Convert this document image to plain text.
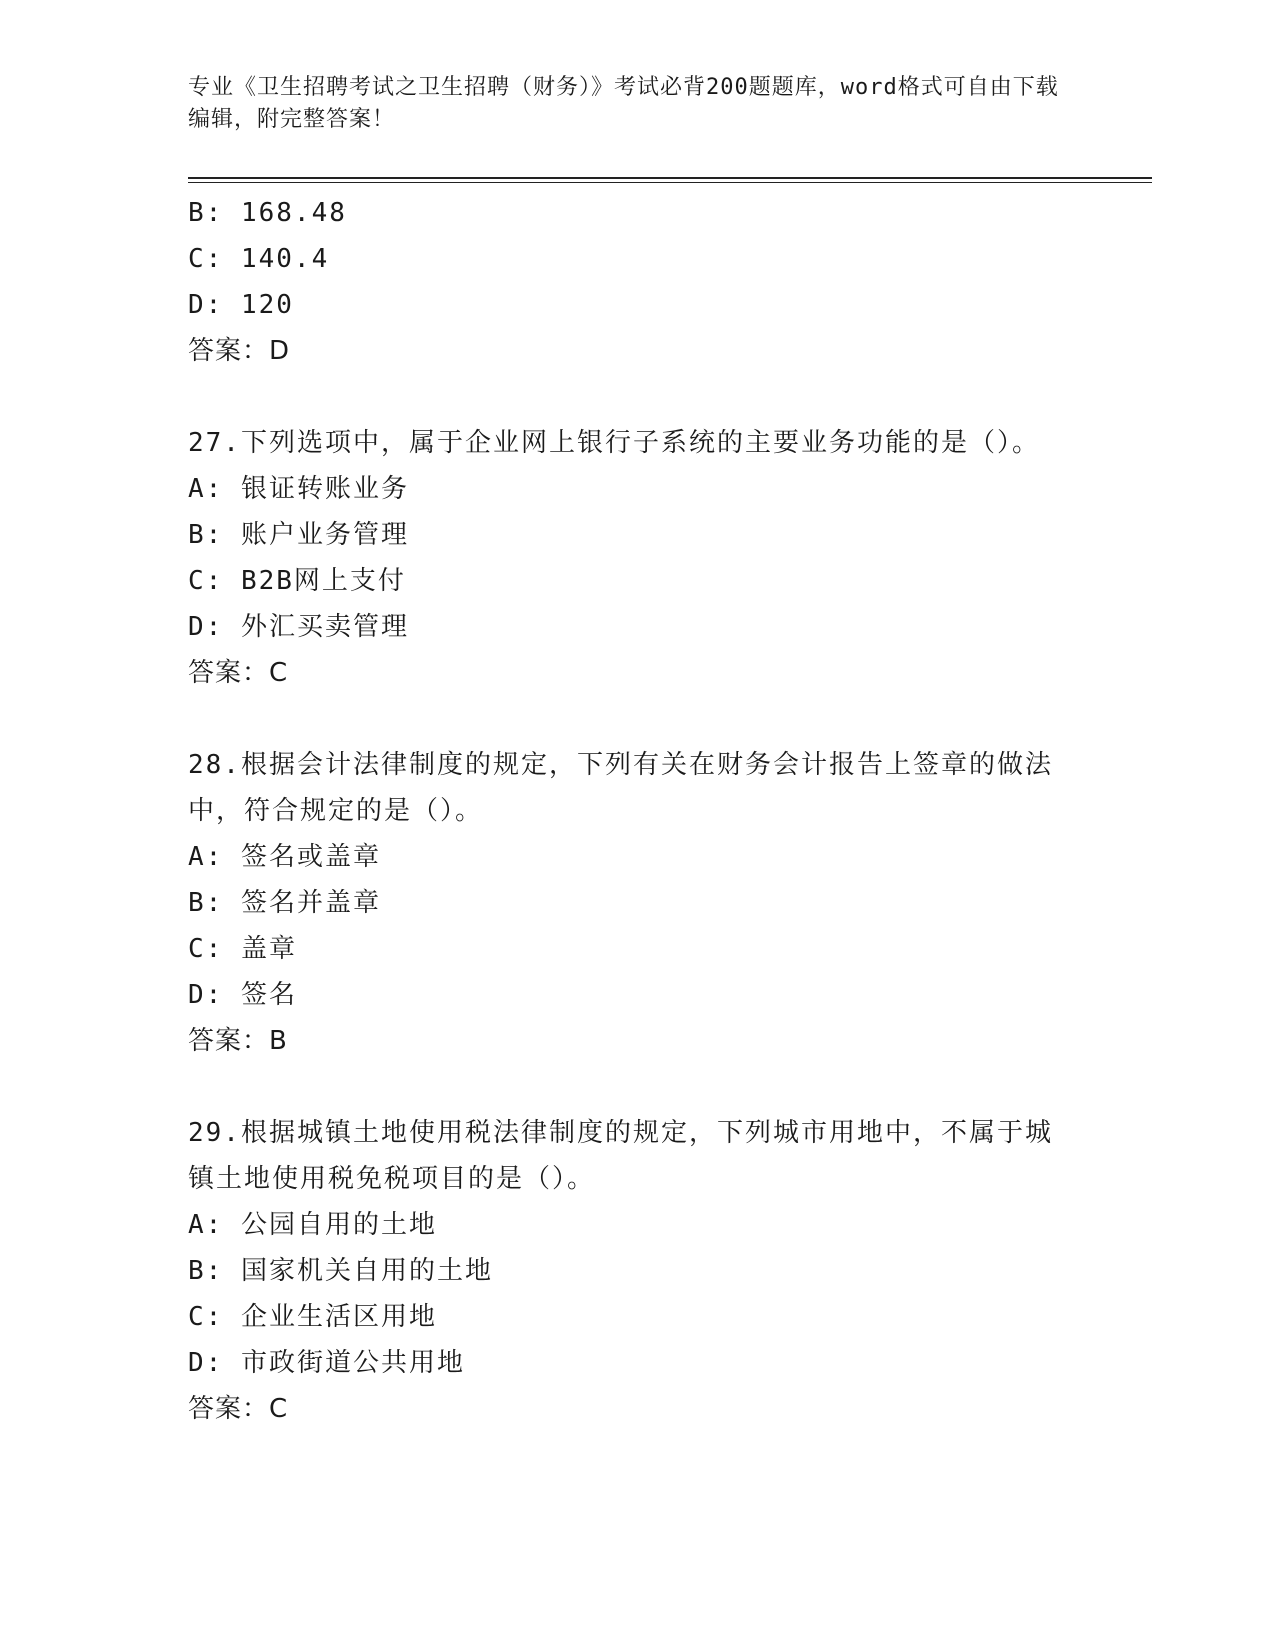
专业《卫生招聘考试之卫生招聘（财务）》考试必背200题题库，word格式可自由下载编辑，附完整答案！
B: 168.48
C: 140.4
D: 120
答案：D
27.下列选项中，属于企业网上银行子系统的主要业务功能的是（）。
A: 银证转账业务
B: 账户业务管理
C: B2B网上支付
D: 外汇买卖管理
答案：C
28.根据会计法律制度的规定，下列有关在财务会计报告上签章的做法中，符合规定的是（）。
A: 签名或盖章
B: 签名并盖章
C: 盖章
D: 签名
答案：B
29.根据城镇土地使用税法律制度的规定，下列城市用地中，不属于城镇土地使用税免税项目的是（）。
A: 公园自用的土地
B: 国家机关自用的土地
C: 企业生活区用地
D: 市政街道公共用地
答案：C
